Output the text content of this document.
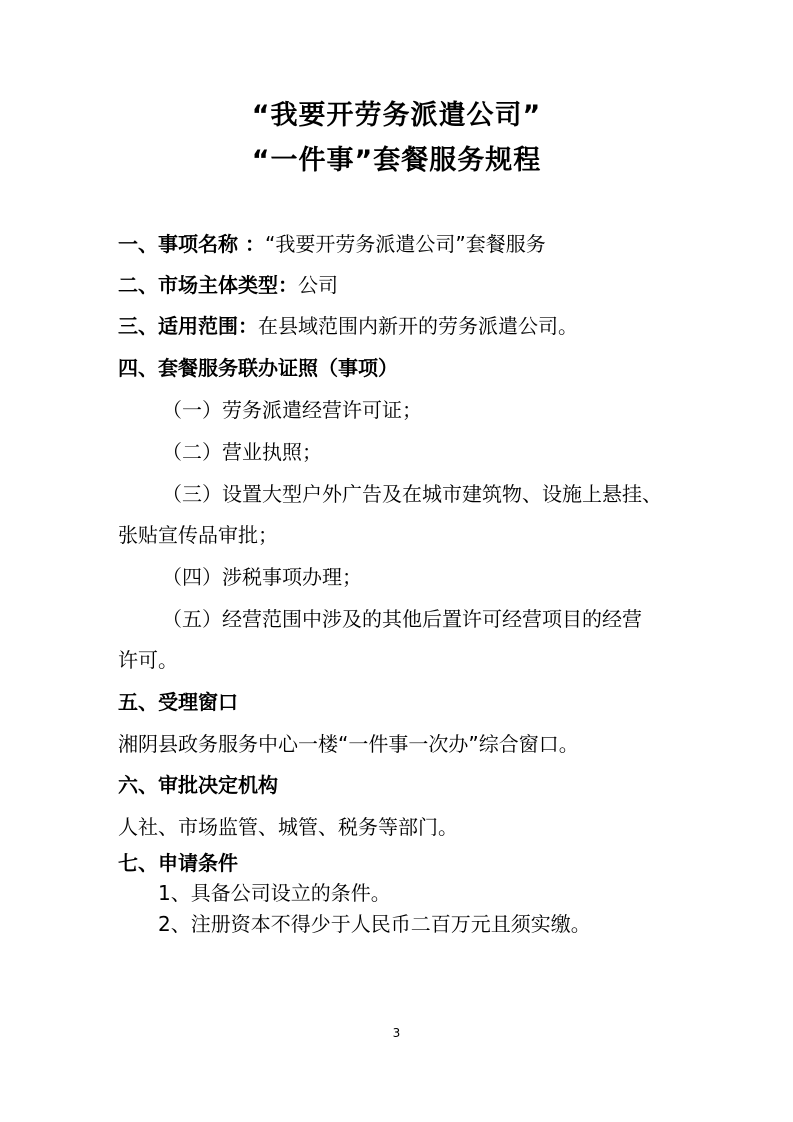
“我要开劳务派遣公司”
“一件事”套餐服务规程
一、事项名称 ：“我要开劳务派遣公司”套餐服务
二、市场主体类型：公司
三、适用范围：在县域范围内新开的劳务派遣公司。
四、套餐服务联办证照（事项）
（一）劳务派遣经营许可证；
（二）营业执照；
（三）设置大型户外广告及在城市建筑物、设施上悬挂、
张贴宣传品审批；
（四）涉税事项办理；
（五）经营范围中涉及的其他后置许可经营项目的经营
许可。
五、受理窗口
湘阴县政务服务中心一楼“一件事一次办”综合窗口。
六、审批决定机构
人社、市场监管、城管、税务等部门。
七、申请条件
1、具备公司设立的条件。
2、注册资本不得少于人民币二百万元且须实缴。
3
